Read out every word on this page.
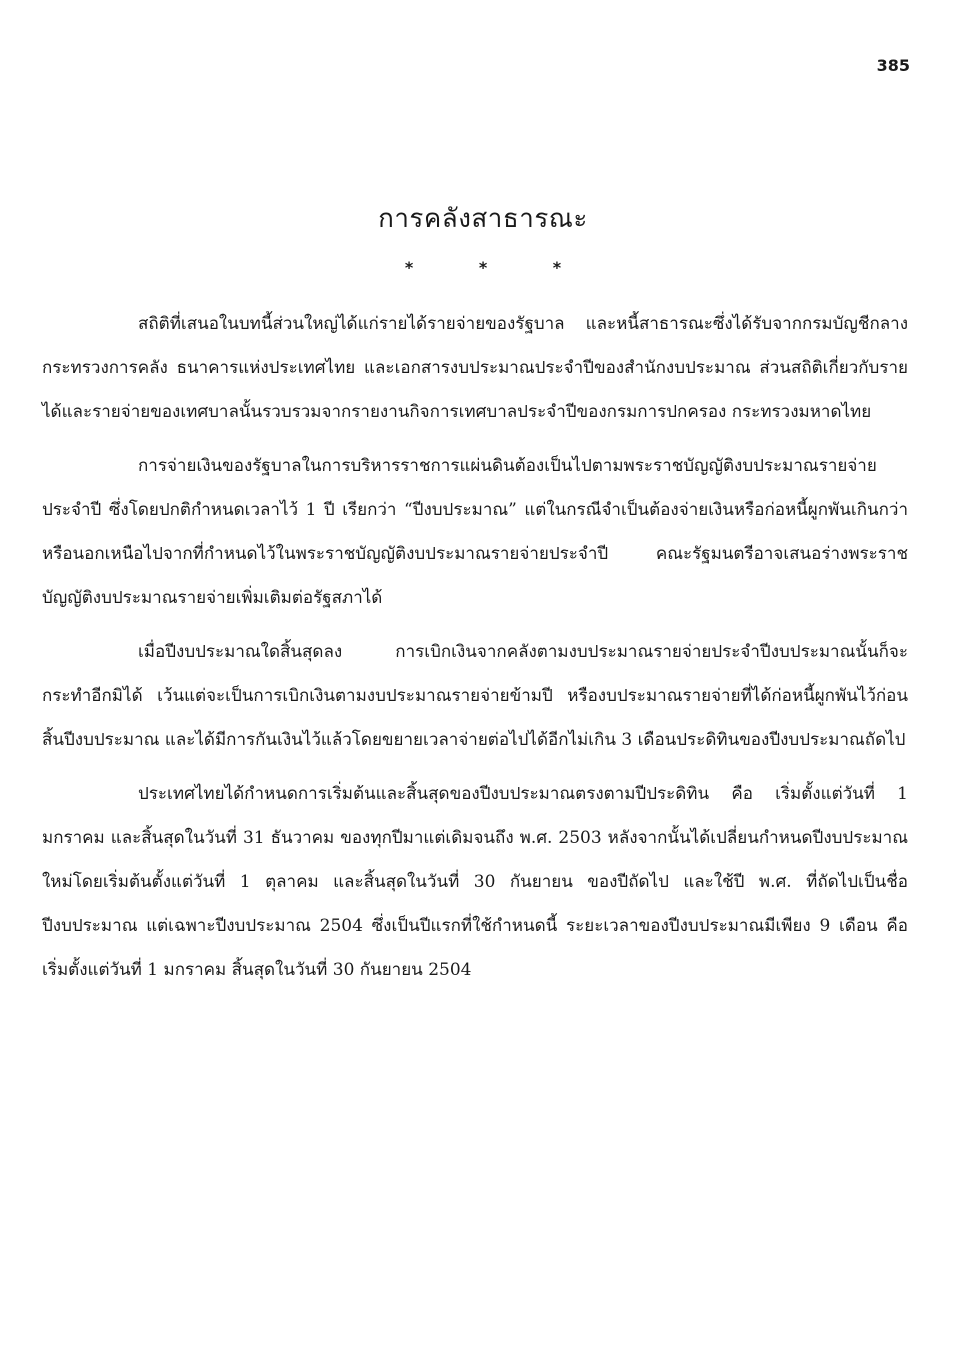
385
การคลังสาธารณะ
* * *

สถิติที่เสนอในบทนี้ส่วนใหญ่ได้แก่รายได้รายจ่ายของรัฐบาล และหนี้สาธารณะซึ่งได้รับจากกรมบัญชีกลาง กระทรวงการคลัง ธนาคารแห่งประเทศไทย และเอกสารงบประมาณประจำปีของสำนักงบประมาณ ส่วนสถิติเกี่ยวกับรายได้และรายจ่ายของเทศบาลนั้นรวบรวมจากรายงานกิจการเทศบาลประจำปีของกรมการปกครอง กระทรวงมหาดไทย

การจ่ายเงินของรัฐบาลในการบริหารราชการแผ่นดินต้องเป็นไปตามพระราชบัญญัติงบประมาณรายจ่ายประจำปี ซึ่งโดยปกติกำหนดเวลาไว้ 1 ปี เรียกว่า “ปีงบประมาณ” แต่ในกรณีจำเป็นต้องจ่ายเงินหรือก่อหนี้ผูกพันเกินกว่าหรือนอกเหนือไปจากที่กำหนดไว้ในพระราชบัญญัติงบประมาณรายจ่ายประจำปี คณะรัฐมนตรีอาจเสนอร่างพระราชบัญญัติงบประมาณรายจ่ายเพิ่มเติมต่อรัฐสภาได้

เมื่อปีงบประมาณใดสิ้นสุดลง การเบิกเงินจากคลังตามงบประมาณรายจ่ายประจำปีงบประมาณนั้นก็จะกระทำอีกมิได้ เว้นแต่จะเป็นการเบิกเงินตามงบประมาณรายจ่ายข้ามปี หรืองบประมาณรายจ่ายที่ได้ก่อหนี้ผูกพันไว้ก่อนสิ้นปีงบประมาณ และได้มีการกันเงินไว้แล้วโดยขยายเวลาจ่ายต่อไปได้อีกไม่เกิน 3 เดือนประดิทินของปีงบประมาณถัดไป

ประเทศไทยได้กำหนดการเริ่มต้นและสิ้นสุดของปีงบประมาณตรงตามปีประดิทิน คือ เริ่มตั้งแต่วันที่ 1 มกราคม และสิ้นสุดในวันที่ 31 ธันวาคม ของทุกปีมาแต่เดิมจนถึง พ.ศ. 2503 หลังจากนั้นได้เปลี่ยนกำหนดปีงบประมาณใหม่โดยเริ่มต้นตั้งแต่วันที่ 1 ตุลาคม และสิ้นสุดในวันที่ 30 กันยายน ของปีถัดไป และใช้ปี พ.ศ. ที่ถัดไปเป็นชื่อปีงบประมาณ แต่เฉพาะปีงบประมาณ 2504 ซึ่งเป็นปีแรกที่ใช้กำหนดนี้ ระยะเวลาของปีงบประมาณมีเพียง 9 เดือน คือ เริ่มตั้งแต่วันที่ 1 มกราคม สิ้นสุดในวันที่ 30 กันยายน 2504
